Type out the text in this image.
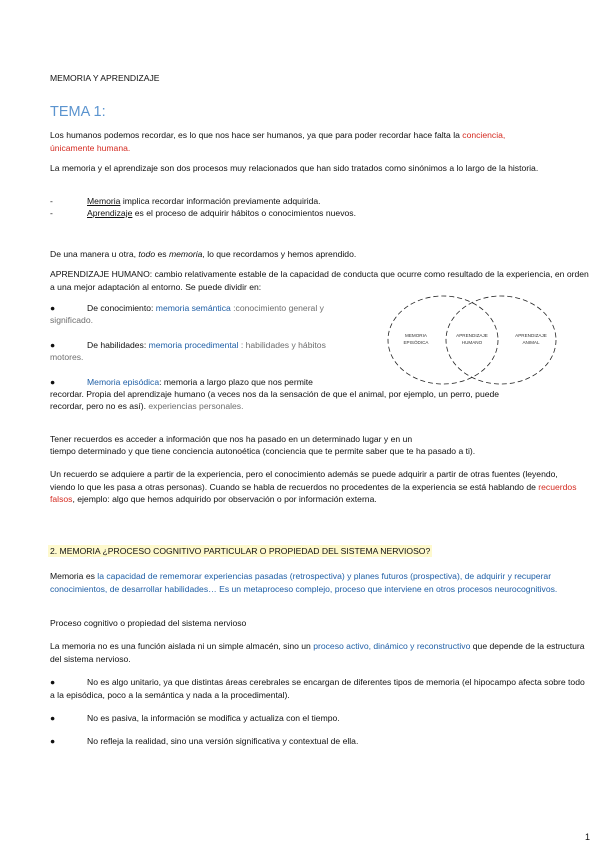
MEMORIA Y APRENDIZAJE

TEMA 1:

Los humanos podemos recordar, es lo que nos hace ser humanos, ya que para poder recordar hace falta la conciencia,
únicamente humana.

La memoria y el aprendizaje son dos procesos muy relacionados que han sido tratados como sinónimos a lo largo de la historia.

-	Memoria implica recordar información previamente adquirida.

-	Aprendizaje es el proceso de adquirir hábitos o conocimientos nuevos.

De una manera u otra, todo es memoria, lo que recordamos y hemos aprendido.

APRENDIZAJE HUMANO: cambio relativamente estable de la capacidad de conducta que ocurre como resultado de la experiencia, en orden a una mejor adaptación al entorno. Se puede dividir en:

●	De conocimiento: memoria semántica :conocimiento general y

significado.

●	De habilidades: memoria procedimental : habilidades y hábitos

motores.

●	Memoria episódica: memoria a largo plazo que nos permite

recordar. Propia del aprendizaje humano (a veces nos da la sensación de que el animal, por ejemplo, un perro, puede

recordar, pero no es así). experiencias personales.

MEMORIA
EPISÓDICA
APRENDIZAJE
HUMANO
APRENDIZAJE
ANIMAL

Tener recuerdos es acceder a información que nos ha pasado en un determinado lugar y en un

tiempo determinado y que tiene conciencia autonoética (conciencia que te permite saber que te ha pasado a ti).

Un recuerdo se adquiere a partir de la experiencia, pero el conocimiento además se puede adquirir a partir de otras fuentes (leyendo, viendo lo que les pasa a otras personas). Cuando se habla de recuerdos no procedentes de la experiencia se está hablando de recuerdos falsos, ejemplo: algo que hemos adquirido por observación o por información externa.

2. MEMORIA ¿PROCESO COGNITIVO PARTICULAR O PROPIEDAD DEL SISTEMA NERVIOSO?

Memoria es la capacidad de rememorar experiencias pasadas (retrospectiva) y planes futuros (prospectiva), de adquirir y recuperar conocimientos, de desarrollar habilidades… Es un metaproceso complejo, proceso que interviene en otros procesos neurocognitivos.

Proceso cognitivo o propiedad del sistema nervioso

La memoria no es una función aislada ni un simple almacén, sino un proceso activo, dinámico y reconstructivo que depende de la estructura del sistema nervioso.

●	No es algo unitario, ya que distintas áreas cerebrales se encargan de diferentes tipos de memoria (el hipocampo afecta sobre todo a la episódica, poco a la semántica y nada a la procedimental).

●	No es pasiva, la información se modifica y actualiza con el tiempo.

●	No refleja la realidad, sino una versión significativa y contextual de ella.

1
